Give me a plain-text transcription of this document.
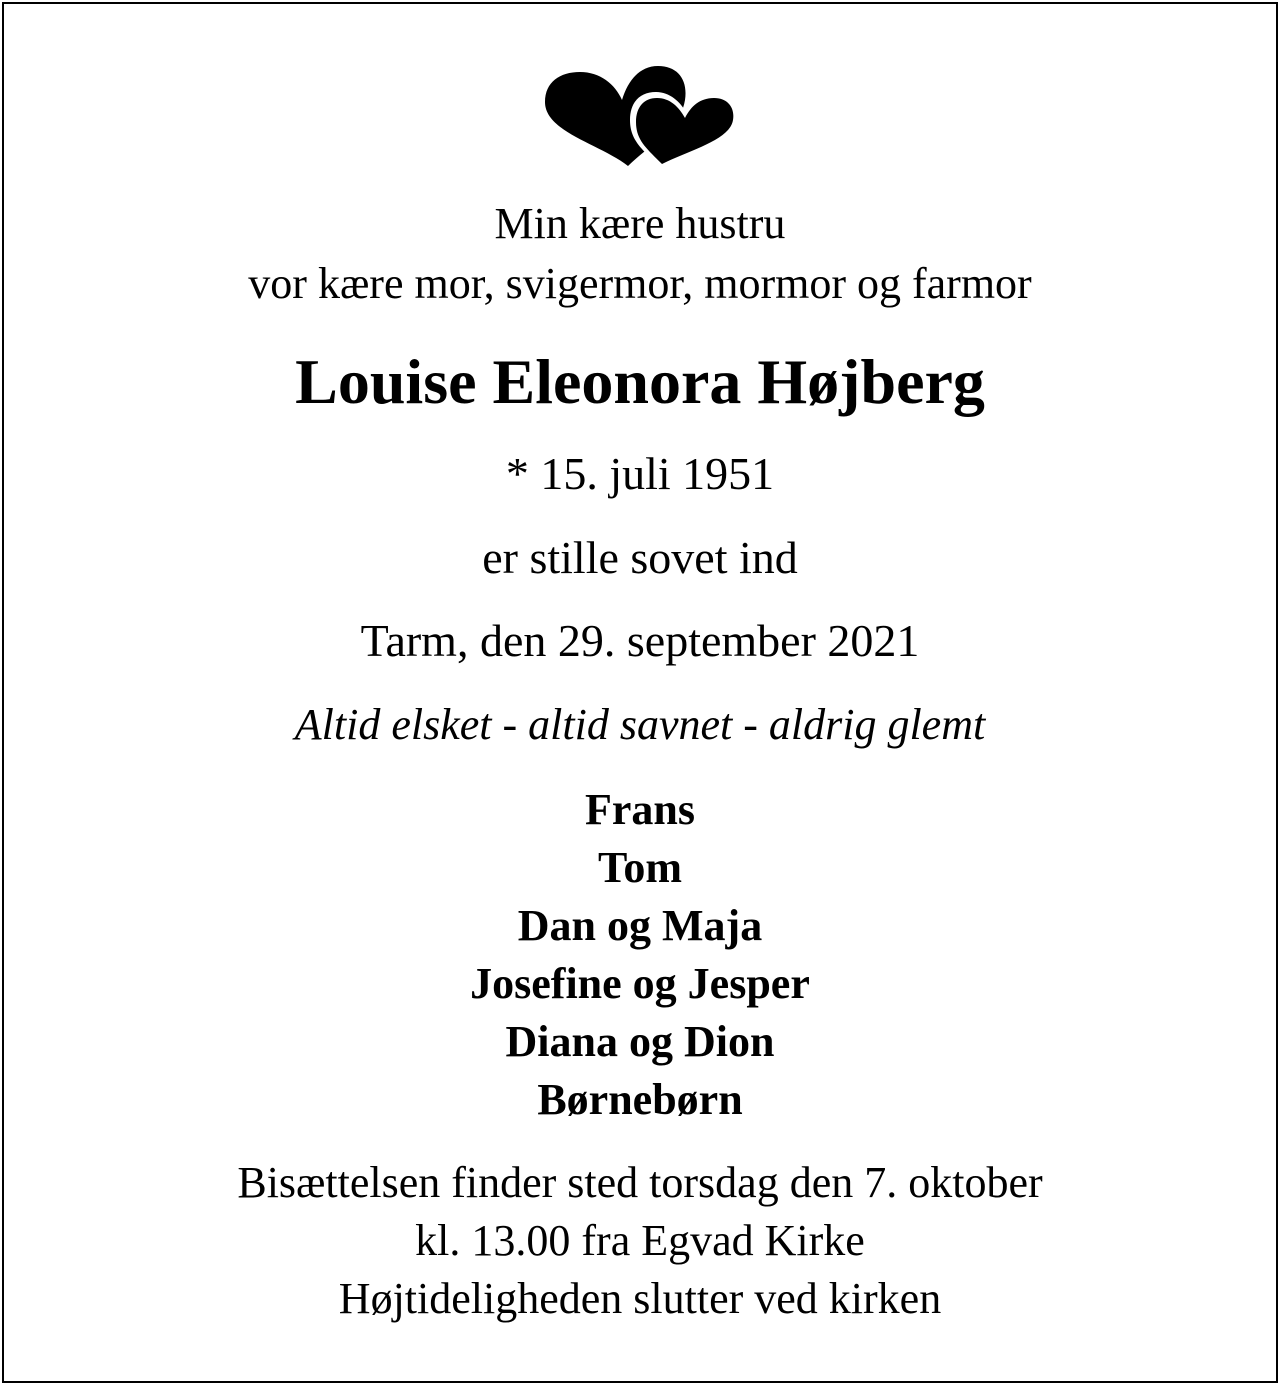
Min kære hustru
vor kære mor, svigermor, mormor og farmor
Louise Eleonora Højberg
* 15. juli 1951
er stille sovet ind
Tarm, den 29. september 2021
Altid elsket - altid savnet - aldrig glemt
Frans
Tom
Dan og Maja
Josefine og Jesper
Diana og Dion
Børnebørn
Bisættelsen finder sted torsdag den 7. oktober
kl. 13.00 fra Egvad Kirke
Højtideligheden slutter ved kirken
